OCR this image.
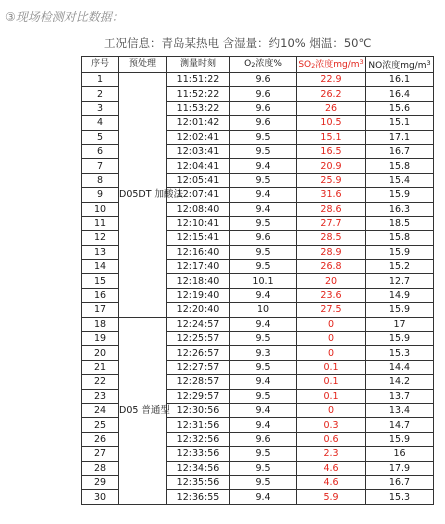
③现场检测对比数据：
工况信息：青岛某热电 含湿量：约10% 烟温：50℃
序号	预处理	测量时刻	$O_2$浓度%	$SO_2$浓度$mg/m^3$	NO浓度$mg/m^3$
1	D05DT 加酸法	11:51:22	9.6	22.9	16.1
2		11:52:22	9.6	26.2	16.4
3		11:53:22	9.6	26	15.6
4		12:01:42	9.6	10.5	15.1
5		12:02:41	9.5	15.1	17.1
6		12:03:41	9.5	16.5	16.7
7		12:04:41	9.4	20.9	15.8
8		12:05:41	9.5	25.9	15.4
9		12:07:41	9.4	31.6	15.9
10		12:08:40	9.4	28.6	16.3
11		12:10:41	9.5	27.7	18.5
12		12:15:41	9.6	28.5	15.8
13		12:16:40	9.5	28.9	15.9
14		12:17:40	9.5	26.8	15.2
15		12:18:40	10.1	20	12.7
16		12:19:40	9.4	23.6	14.9
17		12:20:40	10	27.5	15.9
18	D05 普通型	12:24:57	9.4	0	17
19		12:25:57	9.5	0	15.9
20		12:26:57	9.3	0	15.3
21		12:27:57	9.5	0.1	14.4
22		12:28:57	9.4	0.1	14.2
23		12:29:57	9.5	0.1	13.7
24		12:30:56	9.4	0	13.4
25		12:31:56	9.4	0.3	14.7
26		12:32:56	9.6	0.6	15.9
27		12:33:56	9.5	2.3	16
28		12:34:56	9.5	4.6	17.9
29		12:35:56	9.5	4.6	16.7
30		12:36:55	9.4	5.9	15.3
